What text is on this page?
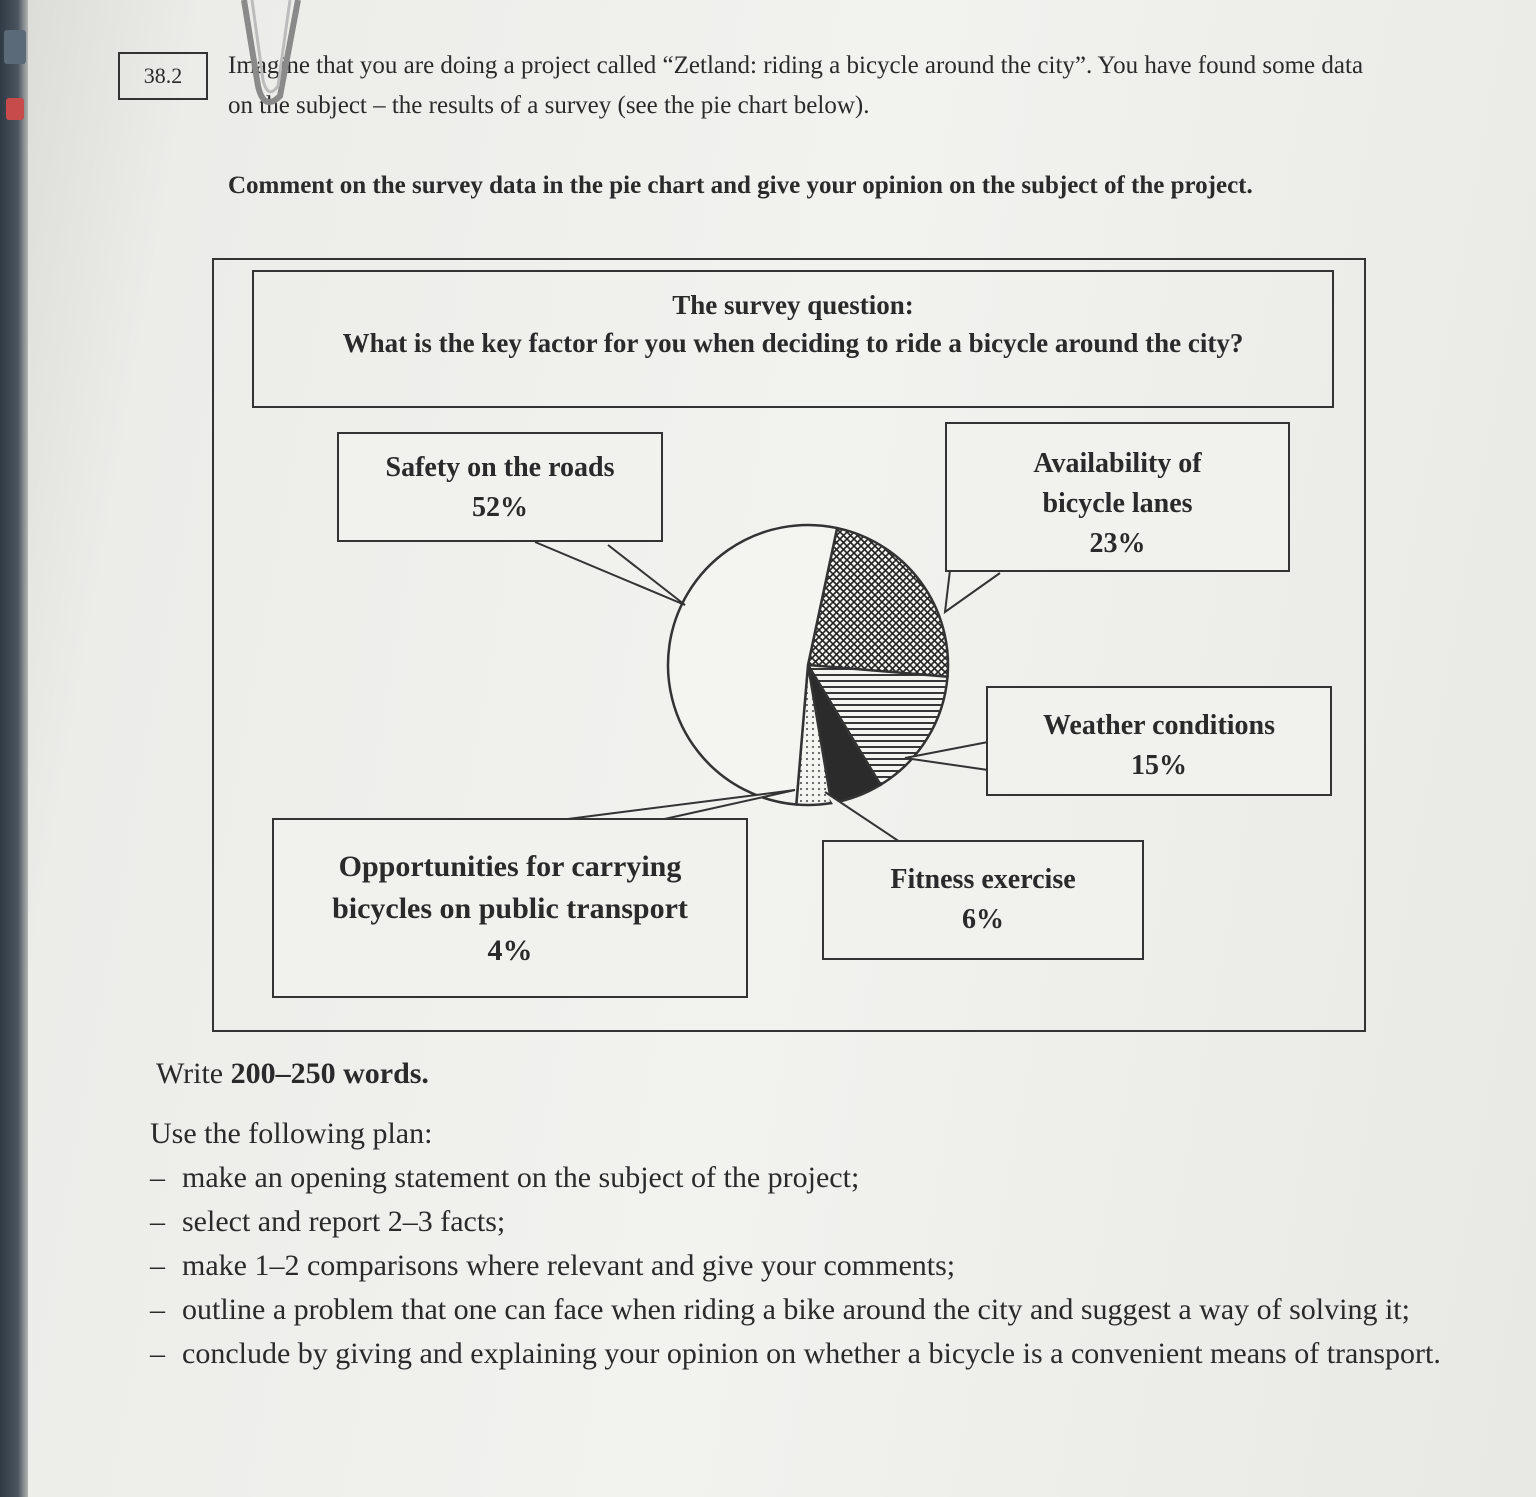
38.2	Imagine that you are doing a project called “Zetland: riding a bicycle around the city”. You have found some data on the subject – the results of a survey (see the pie chart below).

Comment on the survey data in the pie chart and give your opinion on the subject of the project.
The survey question:
What is the key factor for you when deciding to ride a bicycle around the city?
Safety on the roads
52%
Availability of
bicycle lanes
23%
Weather conditions
15%
Fitness exercise
6%
Opportunities for carrying
bicycles on public transport
4%

Write 200–250 words.

Use the following plan:

– make an opening statement on the subject of the project;
– select and report 2–3 facts;
– make 1–2 comparisons where relevant and give your comments;
– outline a problem that one can face when riding a bike around the city and suggest a way of solving it;
– conclude by giving and explaining your opinion on whether a bicycle is a convenient means of transport.
